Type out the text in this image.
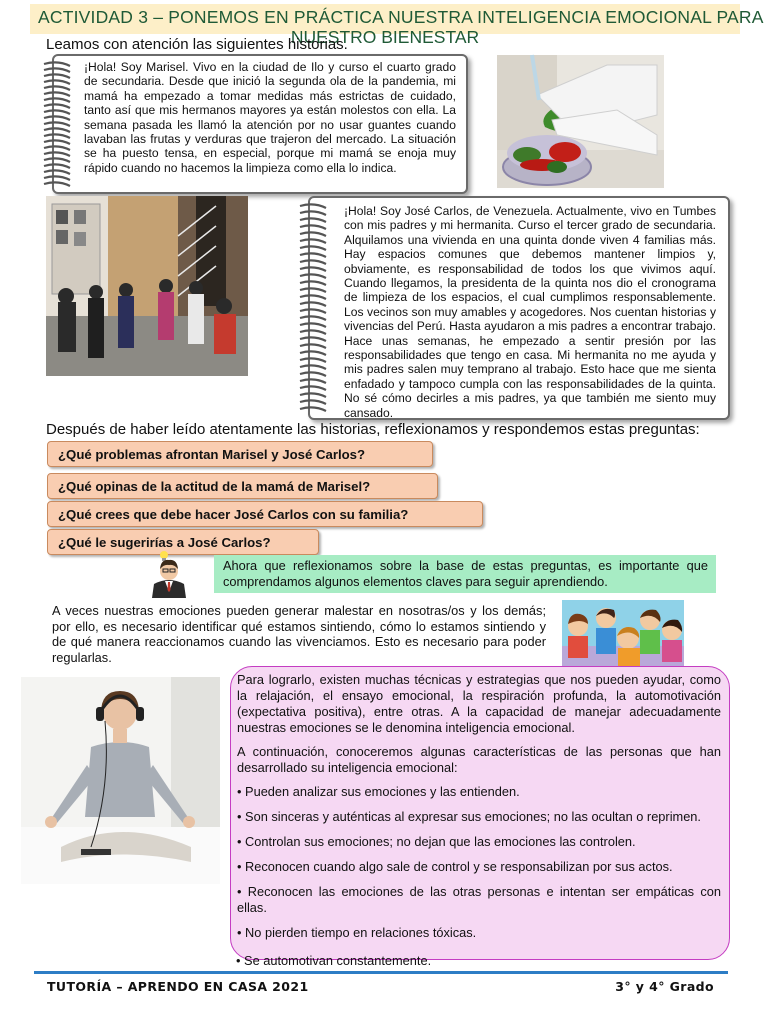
ACTIVIDAD 3 – PONEMOS EN PRÁCTICA NUESTRA INTELIGENCIA EMOCIONAL PARA
NUESTRO BIENESTAR
Leamos con atención las siguientes historias.
¡Hola! Soy Marisel. Vivo en la ciudad de Ilo y curso el cuarto grado de secundaria. Desde que inició la segunda ola de la pandemia, mi mamá ha empezado a tomar medidas más estrictas de cuidado, tanto así que mis hermanos mayores ya están molestos con ella. La semana pasada les llamó la atención por no usar guantes cuando lavaban las frutas y verduras que trajeron del mercado. La situación se ha puesto tensa, en especial, porque mi mamá se enoja muy rápido cuando no hacemos la limpieza como ella lo indica.
¡Hola! Soy José Carlos, de Venezuela. Actualmente, vivo en Tumbes con mis padres y mi hermanita. Curso el tercer grado de secundaria. Alquilamos una vivienda en una quinta donde viven 4 familias más. Hay espacios comunes que debemos mantener limpios y, obviamente, es responsabilidad de todos los que vivimos aquí. Cuando llegamos, la presidenta de la quinta nos dio el cronograma de limpieza de los espacios, el cual cumplimos responsablemente. Los vecinos son muy amables y acogedores. Nos cuentan historias y vivencias del Perú. Hasta ayudaron a mis padres a encontrar trabajo. Hace unas semanas, he empezado a sentir presión por las responsabilidades que tengo en casa. Mi hermanita no me ayuda y mis padres salen muy temprano al trabajo. Esto hace que me sienta enfadado y tampoco cumpla con las responsabilidades de la quinta. No sé cómo decirles a mis padres, ya que también me siento muy cansado.
Después de haber leído atentamente las historias, reflexionamos y respondemos estas preguntas:
¿Qué problemas afrontan Marisel y José Carlos?
¿Qué opinas de la actitud de la mamá de Marisel?
¿Qué crees que debe hacer José Carlos con su familia?
¿Qué le sugerirías a José Carlos?
Ahora que reflexionamos sobre la base de estas preguntas, es importante que comprendamos algunos elementos claves para seguir aprendiendo.
A veces nuestras emociones pueden generar malestar en nosotras/os y los demás; por ello, es necesario identificar qué estamos sintiendo, cómo lo estamos sintiendo y de qué manera reaccionamos cuando las vivenciamos. Esto es necesario para poder regularlas.

Para lograrlo, existen muchas técnicas y estrategias que nos pueden ayudar, como la relajación, el ensayo emocional, la respiración profunda, la automotivación (expectativa positiva), entre otras. A la capacidad de manejar adecuadamente nuestras emociones se le denomina inteligencia emocional.

A continuación, conoceremos algunas características de las personas que han desarrollado su inteligencia emocional:

• Pueden analizar sus emociones y las entienden.
• Son sinceras y auténticas al expresar sus emociones; no las ocultan o reprimen.
• Controlan sus emociones; no dejan que las emociones las controlen.
• Reconocen cuando algo sale de control y se responsabilizan por sus actos.
• Reconocen las emociones de las otras personas e intentan ser empáticas con ellas.
• No pierden tiempo en relaciones tóxicas.
• Se automotivan constantemente.
TUTORÍA – APRENDO EN CASA 2021	3° y 4° Grado
